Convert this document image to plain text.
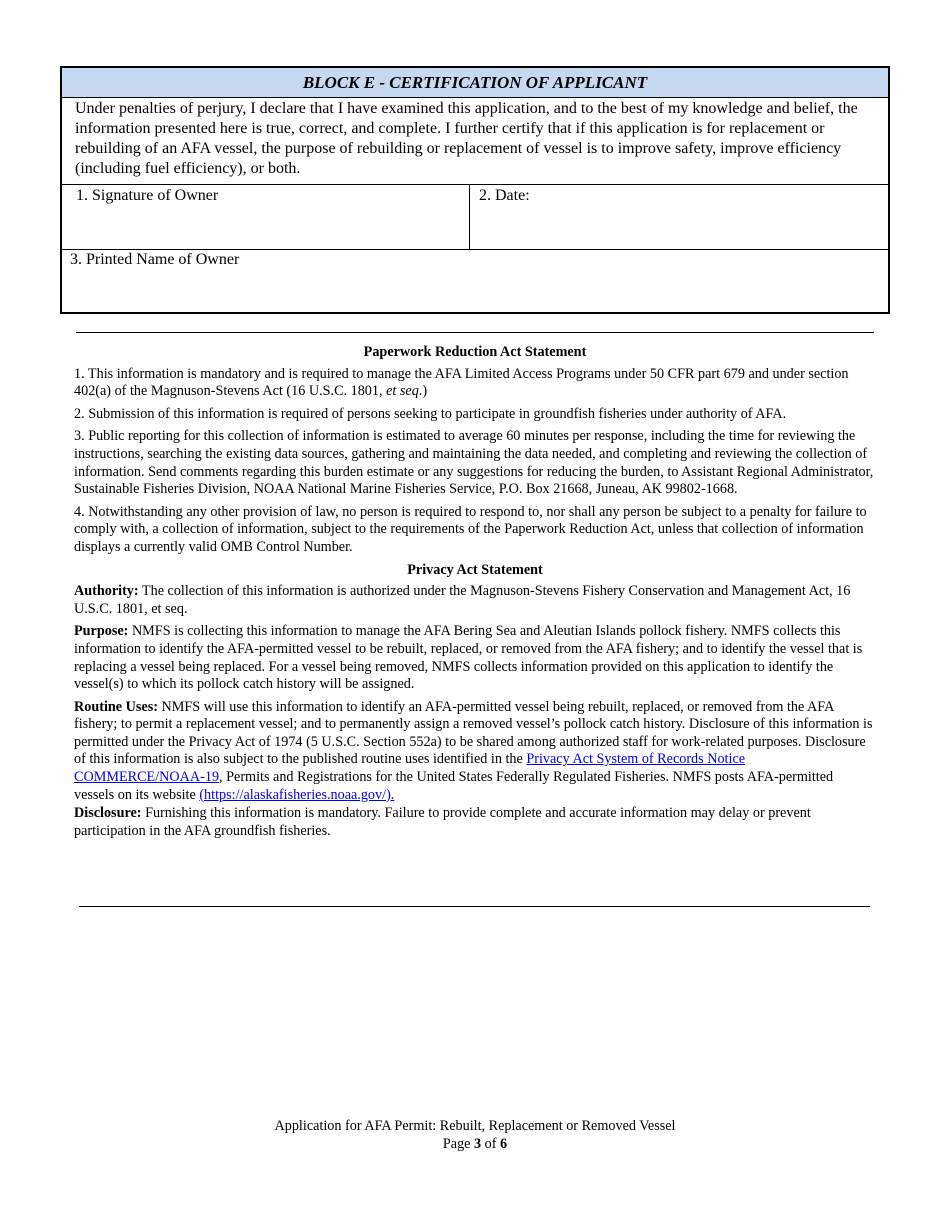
BLOCK E - CERTIFICATION OF APPLICANT
Under penalties of perjury, I declare that I have examined this application, and to the best of my knowledge and belief, the information presented here is true, correct, and complete. I further certify that if this application is for replacement or rebuilding of an AFA vessel, the purpose of rebuilding or replacement of vessel is to improve safety, improve efficiency (including fuel efficiency), or both.
1. Signature of Owner	2. Date:
3. Printed Name of Owner
Paperwork Reduction Act Statement

1. This information is mandatory and is required to manage the AFA Limited Access Programs under 50 CFR part 679 and under section 402(a) of the Magnuson-Stevens Act (16 U.S.C. 1801, et seq.)

2. Submission of this information is required of persons seeking to participate in groundfish fisheries under authority of AFA.

3. Public reporting for this collection of information is estimated to average 60 minutes per response, including the time for reviewing the instructions, searching the existing data sources, gathering and maintaining the data needed, and completing and reviewing the collection of information. Send comments regarding this burden estimate or any suggestions for reducing the burden, to Assistant Regional Administrator, Sustainable Fisheries Division, NOAA National Marine Fisheries Service, P.O. Box 21668, Juneau, AK 99802-1668.

4. Notwithstanding any other provision of law, no person is required to respond to, nor shall any person be subject to a penalty for failure to comply with, a collection of information, subject to the requirements of the Paperwork Reduction Act, unless that collection of information displays a currently valid OMB Control Number.

Privacy Act Statement

Authority: The collection of this information is authorized under the Magnuson-Stevens Fishery Conservation and Management Act, 16 U.S.C. 1801, et seq.

Purpose: NMFS is collecting this information to manage the AFA Bering Sea and Aleutian Islands pollock fishery. NMFS collects this information to identify the AFA-permitted vessel to be rebuilt, replaced, or removed from the AFA fishery; and to identify the vessel that is replacing a vessel being replaced. For a vessel being removed, NMFS collects information provided on this application to identify the vessel(s) to which its pollock catch history will be assigned.

Routine Uses: NMFS will use this information to identify an AFA-permitted vessel being rebuilt, replaced, or removed from the AFA fishery; to permit a replacement vessel; and to permanently assign a removed vessel’s pollock catch history. Disclosure of this information is permitted under the Privacy Act of 1974 (5 U.S.C. Section 552a) to be shared among authorized staff for work-related purposes. Disclosure of this information is also subject to the published routine uses identified in the Privacy Act System of Records Notice COMMERCE/NOAA-19, Permits and Registrations for the United States Federally Regulated Fisheries. NMFS posts AFA-permitted vessels on its website (https://alaskafisheries.noaa.gov/).

Disclosure: Furnishing this information is mandatory. Failure to provide complete and accurate information may delay or prevent participation in the AFA groundfish fisheries.

Application for AFA Permit: Rebuilt, Replacement or Removed Vessel
Page 3 of 6
